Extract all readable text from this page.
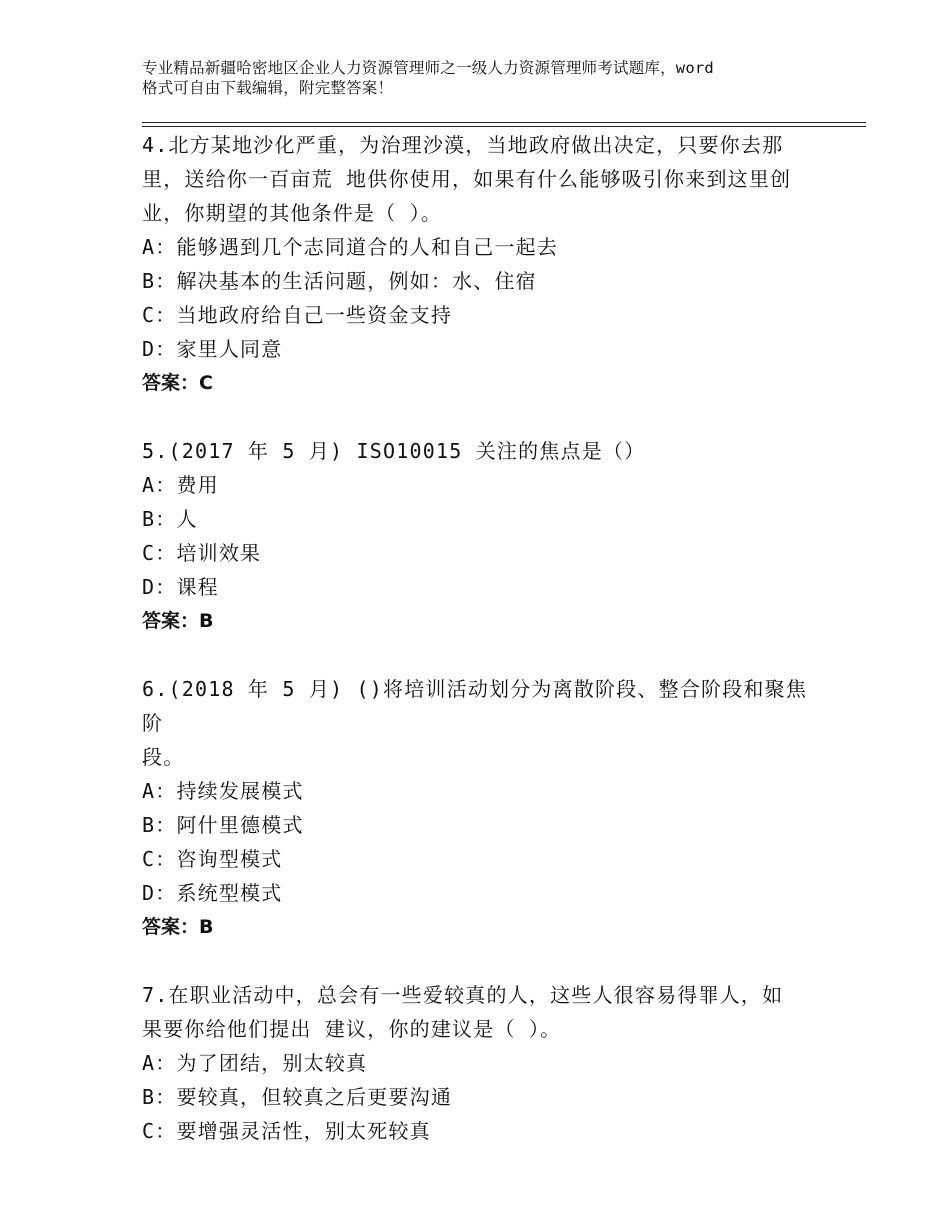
专业精品新疆哈密地区企业人力资源管理师之一级人力资源管理师考试题库，word
格式可自由下载编辑，附完整答案！
4.北方某地沙化严重，为治理沙漠，当地政府做出决定，只要你去那
里，送给你一百亩荒 地供你使用，如果有什么能够吸引你来到这里创
业，你期望的其他条件是（ ）。
A：能够遇到几个志同道合的人和自己一起去
B：解决基本的生活问题，例如：水、住宿
C：当地政府给自己一些资金支持
D：家里人同意
答案：C
5.(2017 年 5 月) ISO10015 关注的焦点是（）
A：费用
B：人
C：培训效果
D：课程
答案：B
6.(2018 年 5 月) ()将培训活动划分为离散阶段、整合阶段和聚焦阶
段。
A：持续发展模式
B：阿什里德模式
C：咨询型模式
D：系统型模式
答案：B
7.在职业活动中，总会有一些爱较真的人，这些人很容易得罪人，如
果要你给他们提出 建议，你的建议是（ ）。
A：为了团结，别太较真
B：要较真，但较真之后更要沟通
C：要增强灵活性，别太死较真
